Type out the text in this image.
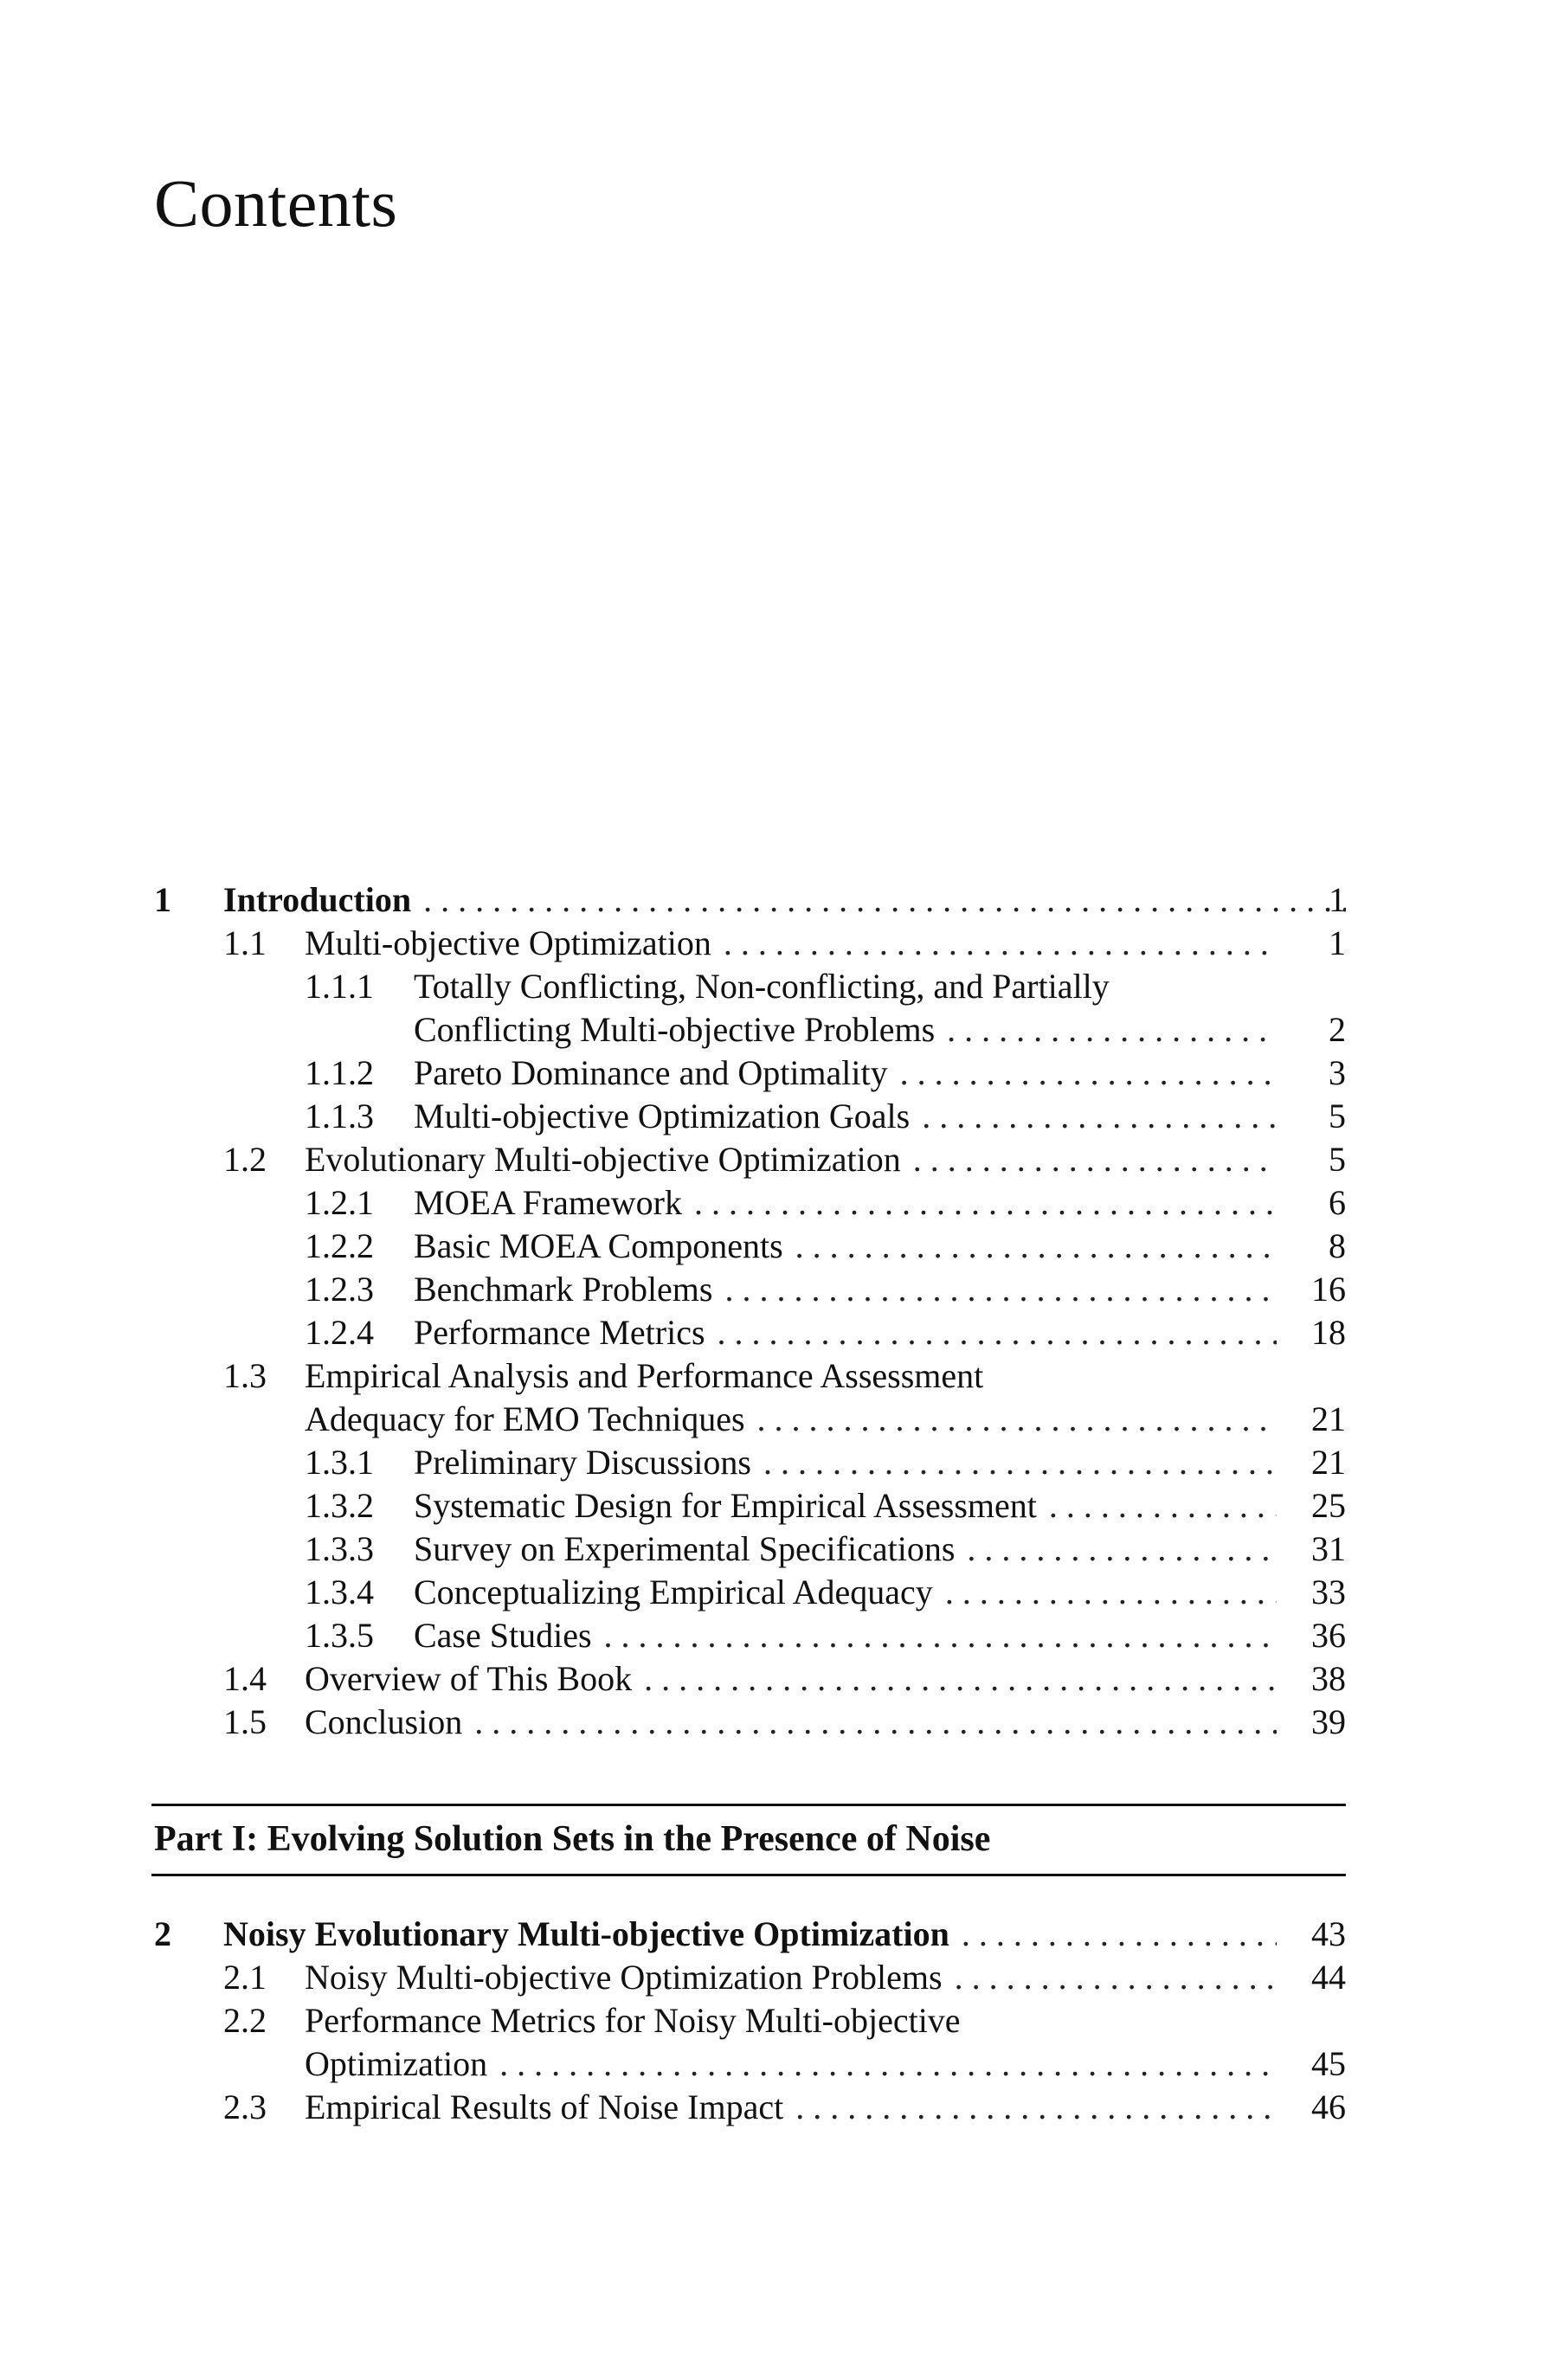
Contents
1 Introduction . . .	1
1.1 Multi-objective Optimization . . .	1
1.1.1 Totally Conflicting, Non-conflicting, and Partially
Conflicting Multi-objective Problems . . .	2
1.1.2 Pareto Dominance and Optimality . . .	3
1.1.3 Multi-objective Optimization Goals . . .	5
1.2 Evolutionary Multi-objective Optimization . . .	5
1.2.1 MOEA Framework . . .	6
1.2.2 Basic MOEA Components . . .	8
1.2.3 Benchmark Problems . . .	16
1.2.4 Performance Metrics . . .	18
1.3 Empirical Analysis and Performance Assessment
Adequacy for EMO Techniques . . .	21
1.3.1 Preliminary Discussions . . .	21
1.3.2 Systematic Design for Empirical Assessment . . .	25
1.3.3 Survey on Experimental Specifications . . .	31
1.3.4 Conceptualizing Empirical Adequacy . . .	33
1.3.5 Case Studies . . .	36
1.4 Overview of This Book . . .	38
1.5 Conclusion . . .	39
Part I: Evolving Solution Sets in the Presence of Noise
2 Noisy Evolutionary Multi-objective Optimization . . .	43
2.1 Noisy Multi-objective Optimization Problems . . .	44
2.2 Performance Metrics for Noisy Multi-objective
Optimization . . .	45
2.3 Empirical Results of Noise Impact . . .	46
